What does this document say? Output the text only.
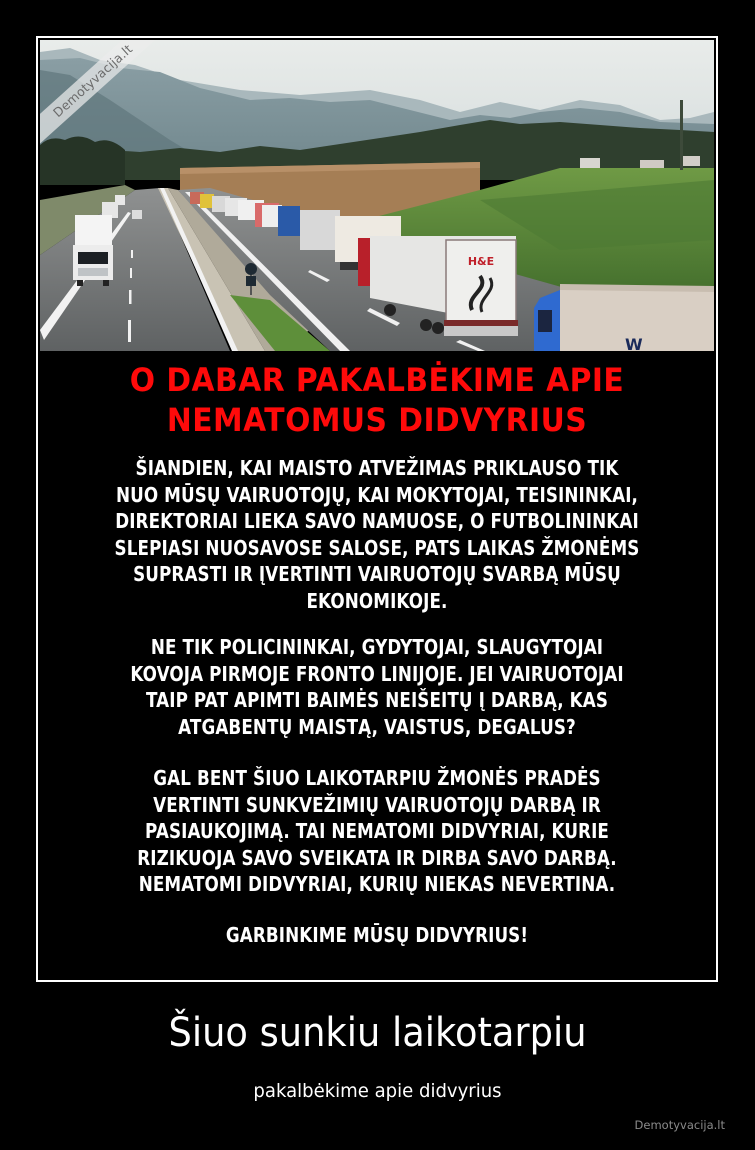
H&E
W
Demotyvacija.lt
O DABAR PAKALBĖKIME APIE
NEMATOMUS DIDVYRIUS
ŠIANDIEN, KAI MAISTO ATVEŽIMAS PRIKLAUSO TIK
NUO MŪSŲ VAIRUOTOJŲ, KAI MOKYTOJAI, TEISININKAI,
DIREKTORIAI LIEKA SAVO NAMUOSE, O FUTBOLININKAI
SLEPIASI NUOSAVOSE SALOSE, PATS LAIKAS ŽMONĖMS
SUPRASTI IR ĮVERTINTI VAIRUOTOJŲ SVARBĄ MŪSŲ
EKONOMIKOJE.
NE TIK POLICININKAI, GYDYTOJAI, SLAUGYTOJAI
KOVOJA PIRMOJE FRONTO LINIJOJE. JEI VAIRUOTOJAI
TAIP PAT APIMTI BAIMĖS NEIŠEITŲ Į DARBĄ, KAS
ATGABENTŲ MAISTĄ, VAISTUS, DEGALUS?
GAL BENT ŠIUO LAIKOTARPIU ŽMONĖS PRADĖS
VERTINTI SUNKVEŽIMIŲ VAIRUOTOJŲ DARBĄ IR
PASIAUKOJIMĄ. TAI NEMATOMI DIDVYRIAI, KURIE
RIZIKUOJA SAVO SVEIKATA IR DIRBA SAVO DARBĄ.
NEMATOMI DIDVYRIAI, KURIŲ NIEKAS NEVERTINA.
GARBINKIME MŪSŲ DIDVYRIUS!
Šiuo sunkiu laikotarpiu
pakalbėkime apie didvyrius
Demotyvacija.lt
